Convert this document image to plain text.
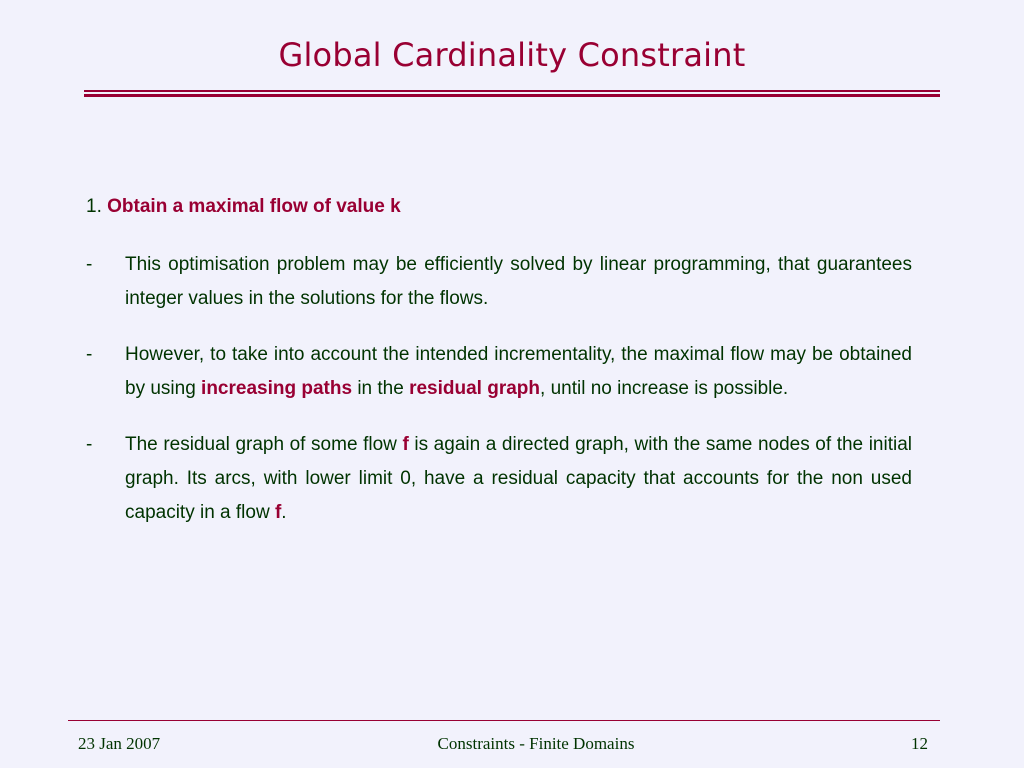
Global Cardinality Constraint
1. Obtain a maximal flow of value k
- This optimisation problem may be efficiently solved by linear programming, that guarantees integer values in the solutions for the flows.
- However, to take into account the intended incrementality, the maximal flow may be obtained by using increasing paths in the residual graph, until no increase is possible.
- The residual graph of some flow f is again a directed graph, with the same nodes of the initial graph. Its arcs, with lower limit 0, have a residual capacity that accounts for the non used capacity in a flow f.
23 Jan 2007	Constraints - Finite Domains	12
